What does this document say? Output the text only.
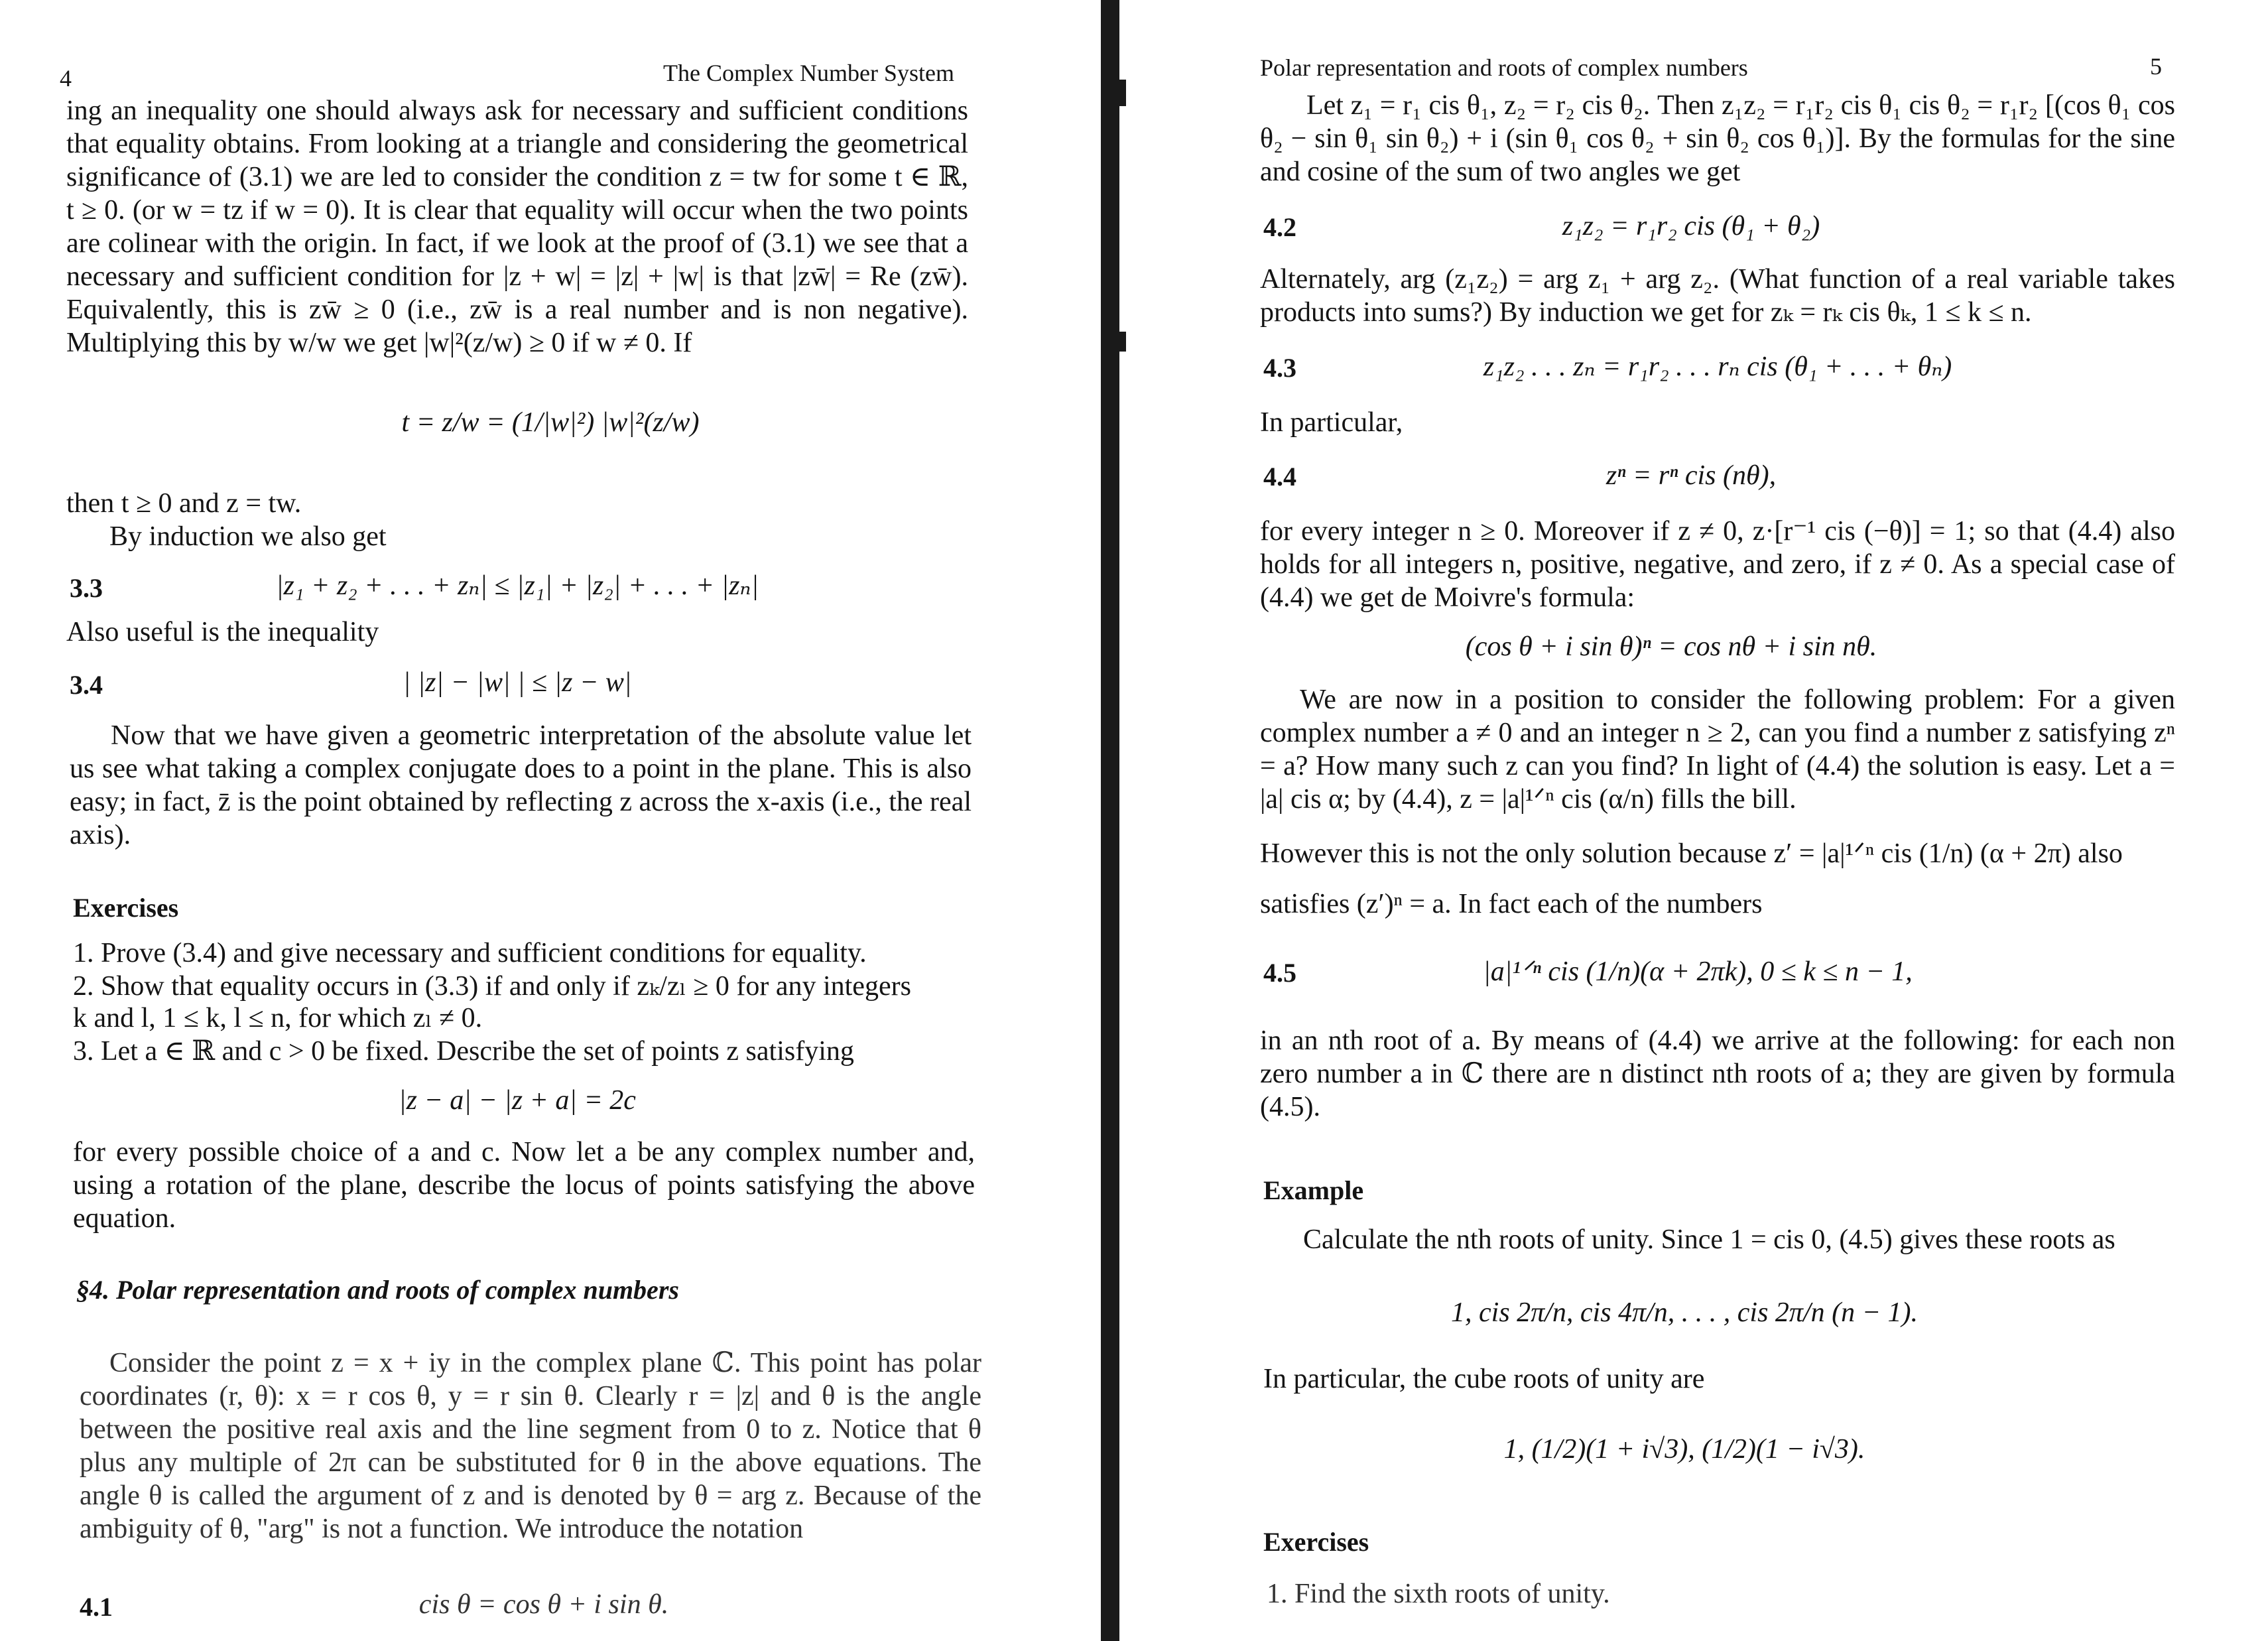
4	The Complex Number System
ing an inequality one should always ask for necessary and sufficient conditions that equality obtains. From looking at a triangle and considering the geometrical significance of (3.1) we are led to consider the condition z = tw for some t ∈ ℝ, t ≥ 0. (or w = tz if w = 0). It is clear that equality will occur when the two points are colinear with the origin. In fact, if we look at the proof of (3.1) we see that a necessary and sufficient condition for |z + w| = |z| + |w| is that |zw̄| = Re (zw̄). Equivalently, this is zw̄ ≥ 0 (i.e., zw̄ is a real number and is non negative). Multiplying this by w/w we get |w|²(z/w) ≥ 0 if w ≠ 0. If
t = z/w = (1/|w|²) |w|²(z/w)
then t ≥ 0 and z = tw.
By induction we also get
3.3	|z₁ + z₂ + . . . + zₙ| ≤ |z₁| + |z₂| + . . . + |zₙ|
Also useful is the inequality
3.4	| |z| − |w| | ≤ |z − w|
Now that we have given a geometric interpretation of the absolute value let us see what taking a complex conjugate does to a point in the plane. This is also easy; in fact, z̄ is the point obtained by reflecting z across the x-axis (i.e., the real axis).
Exercises
1. Prove (3.4) and give necessary and sufficient conditions for equality.
2. Show that equality occurs in (3.3) if and only if zₖ/zₗ ≥ 0 for any integers
k and l, 1 ≤ k, l ≤ n, for which zₗ ≠ 0.
3. Let a ∈ ℝ and c > 0 be fixed. Describe the set of points z satisfying
|z − a| − |z + a| = 2c
for every possible choice of a and c. Now let a be any complex number and, using a rotation of the plane, describe the locus of points satisfying the above equation.
§4. Polar representation and roots of complex numbers
Consider the point z = x + iy in the complex plane ℂ. This point has polar coordinates (r, θ): x = r cos θ, y = r sin θ. Clearly r = |z| and θ is the angle between the positive real axis and the line segment from 0 to z. Notice that θ plus any multiple of 2π can be substituted for θ in the above equations. The angle θ is called the argument of z and is denoted by θ = arg z. Because of the ambiguity of θ, "arg" is not a function. We introduce the notation
4.1	cis θ = cos θ + i sin θ.
Polar representation and roots of complex numbers	5
Let z₁ = r₁ cis θ₁, z₂ = r₂ cis θ₂. Then z₁z₂ = r₁r₂ cis θ₁ cis θ₂ = r₁r₂ [(cos θ₁ cos θ₂ − sin θ₁ sin θ₂) + i (sin θ₁ cos θ₂ + sin θ₂ cos θ₁)]. By the formulas for the sine and cosine of the sum of two angles we get
4.2	z₁z₂ = r₁r₂ cis (θ₁ + θ₂)
Alternately, arg (z₁z₂) = arg z₁ + arg z₂. (What function of a real variable takes products into sums?) By induction we get for zₖ = rₖ cis θₖ, 1 ≤ k ≤ n.
4.3	z₁z₂ . . . zₙ = r₁r₂ . . . rₙ cis (θ₁ + . . . + θₙ)
In particular,
4.4	zⁿ = rⁿ cis (nθ),
for every integer n ≥ 0. Moreover if z ≠ 0, z·[r⁻¹ cis (−θ)] = 1; so that (4.4) also holds for all integers n, positive, negative, and zero, if z ≠ 0. As a special case of (4.4) we get de Moivre's formula:
(cos θ + i sin θ)ⁿ = cos nθ + i sin nθ.
We are now in a position to consider the following problem: For a given complex number a ≠ 0 and an integer n ≥ 2, can you find a number z satisfying zⁿ = a? How many such z can you find? In light of (4.4) the solution is easy. Let a = |a| cis α; by (4.4), z = |a|¹ᐟⁿ cis (α/n) fills the bill.
However this is not the only solution because z′ = |a|¹ᐟⁿ cis (1/n) (α + 2π) also
satisfies (z′)ⁿ = a. In fact each of the numbers
4.5	|a|¹ᐟⁿ cis (1/n)(α + 2πk), 0 ≤ k ≤ n − 1,
in an nth root of a. By means of (4.4) we arrive at the following: for each non zero number a in ℂ there are n distinct nth roots of a; they are given by formula (4.5).
Example
Calculate the nth roots of unity. Since 1 = cis 0, (4.5) gives these roots as
1, cis 2π/n, cis 4π/n, . . . , cis 2π/n (n − 1).
In particular, the cube roots of unity are
1, (1/2)(1 + i√3), (1/2)(1 − i√3).
Exercises
1. Find the sixth roots of unity.
